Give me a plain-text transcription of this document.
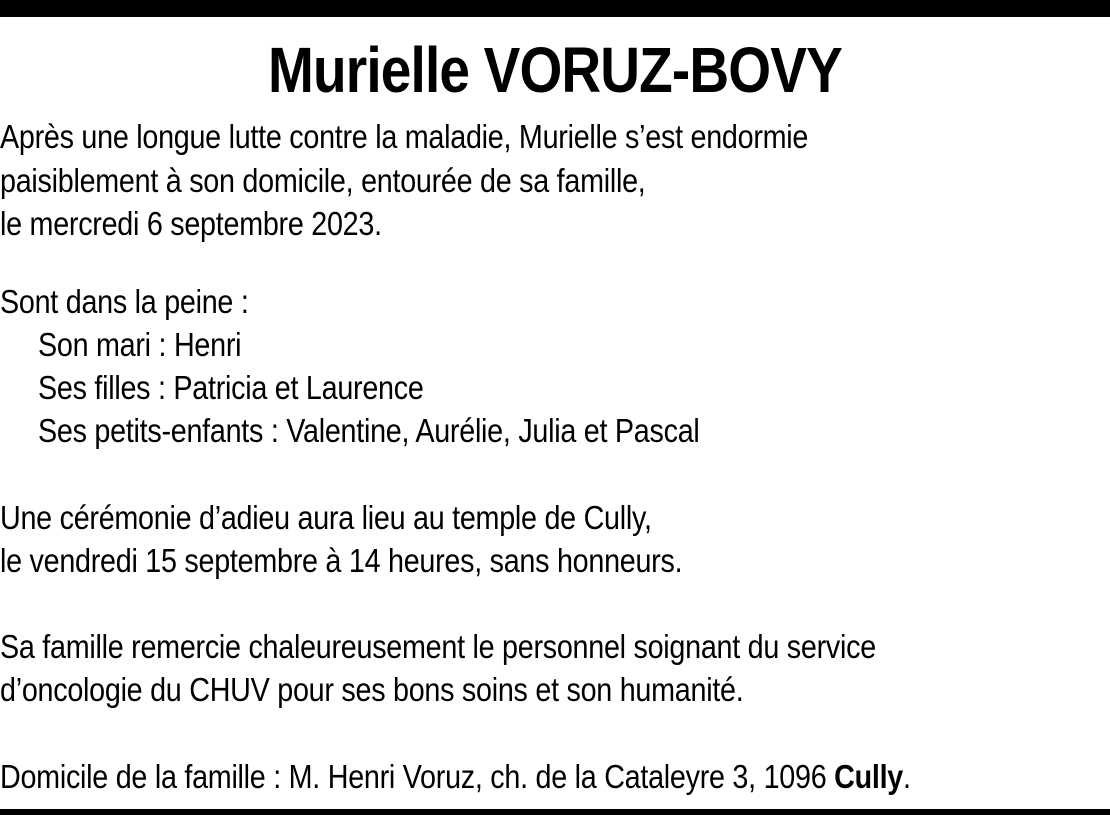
Murielle VORUZ-BOVY

Après une longue lutte contre la maladie, Murielle s’est endormie

paisiblement à son domicile, entourée de sa famille,

le mercredi 6 septembre 2023.

Sont dans la peine :

Son mari : Henri

Ses filles : Patricia et Laurence

Ses petits-enfants : Valentine, Aurélie, Julia et Pascal

Une cérémonie d’adieu aura lieu au temple de Cully,

le vendredi 15 septembre à 14 heures, sans honneurs.

Sa famille remercie chaleureusement le personnel soignant du service

d’oncologie du CHUV pour ses bons soins et son humanité.

Domicile de la famille : M. Henri Voruz, ch. de la Cataleyre 3, 1096 Cully.
